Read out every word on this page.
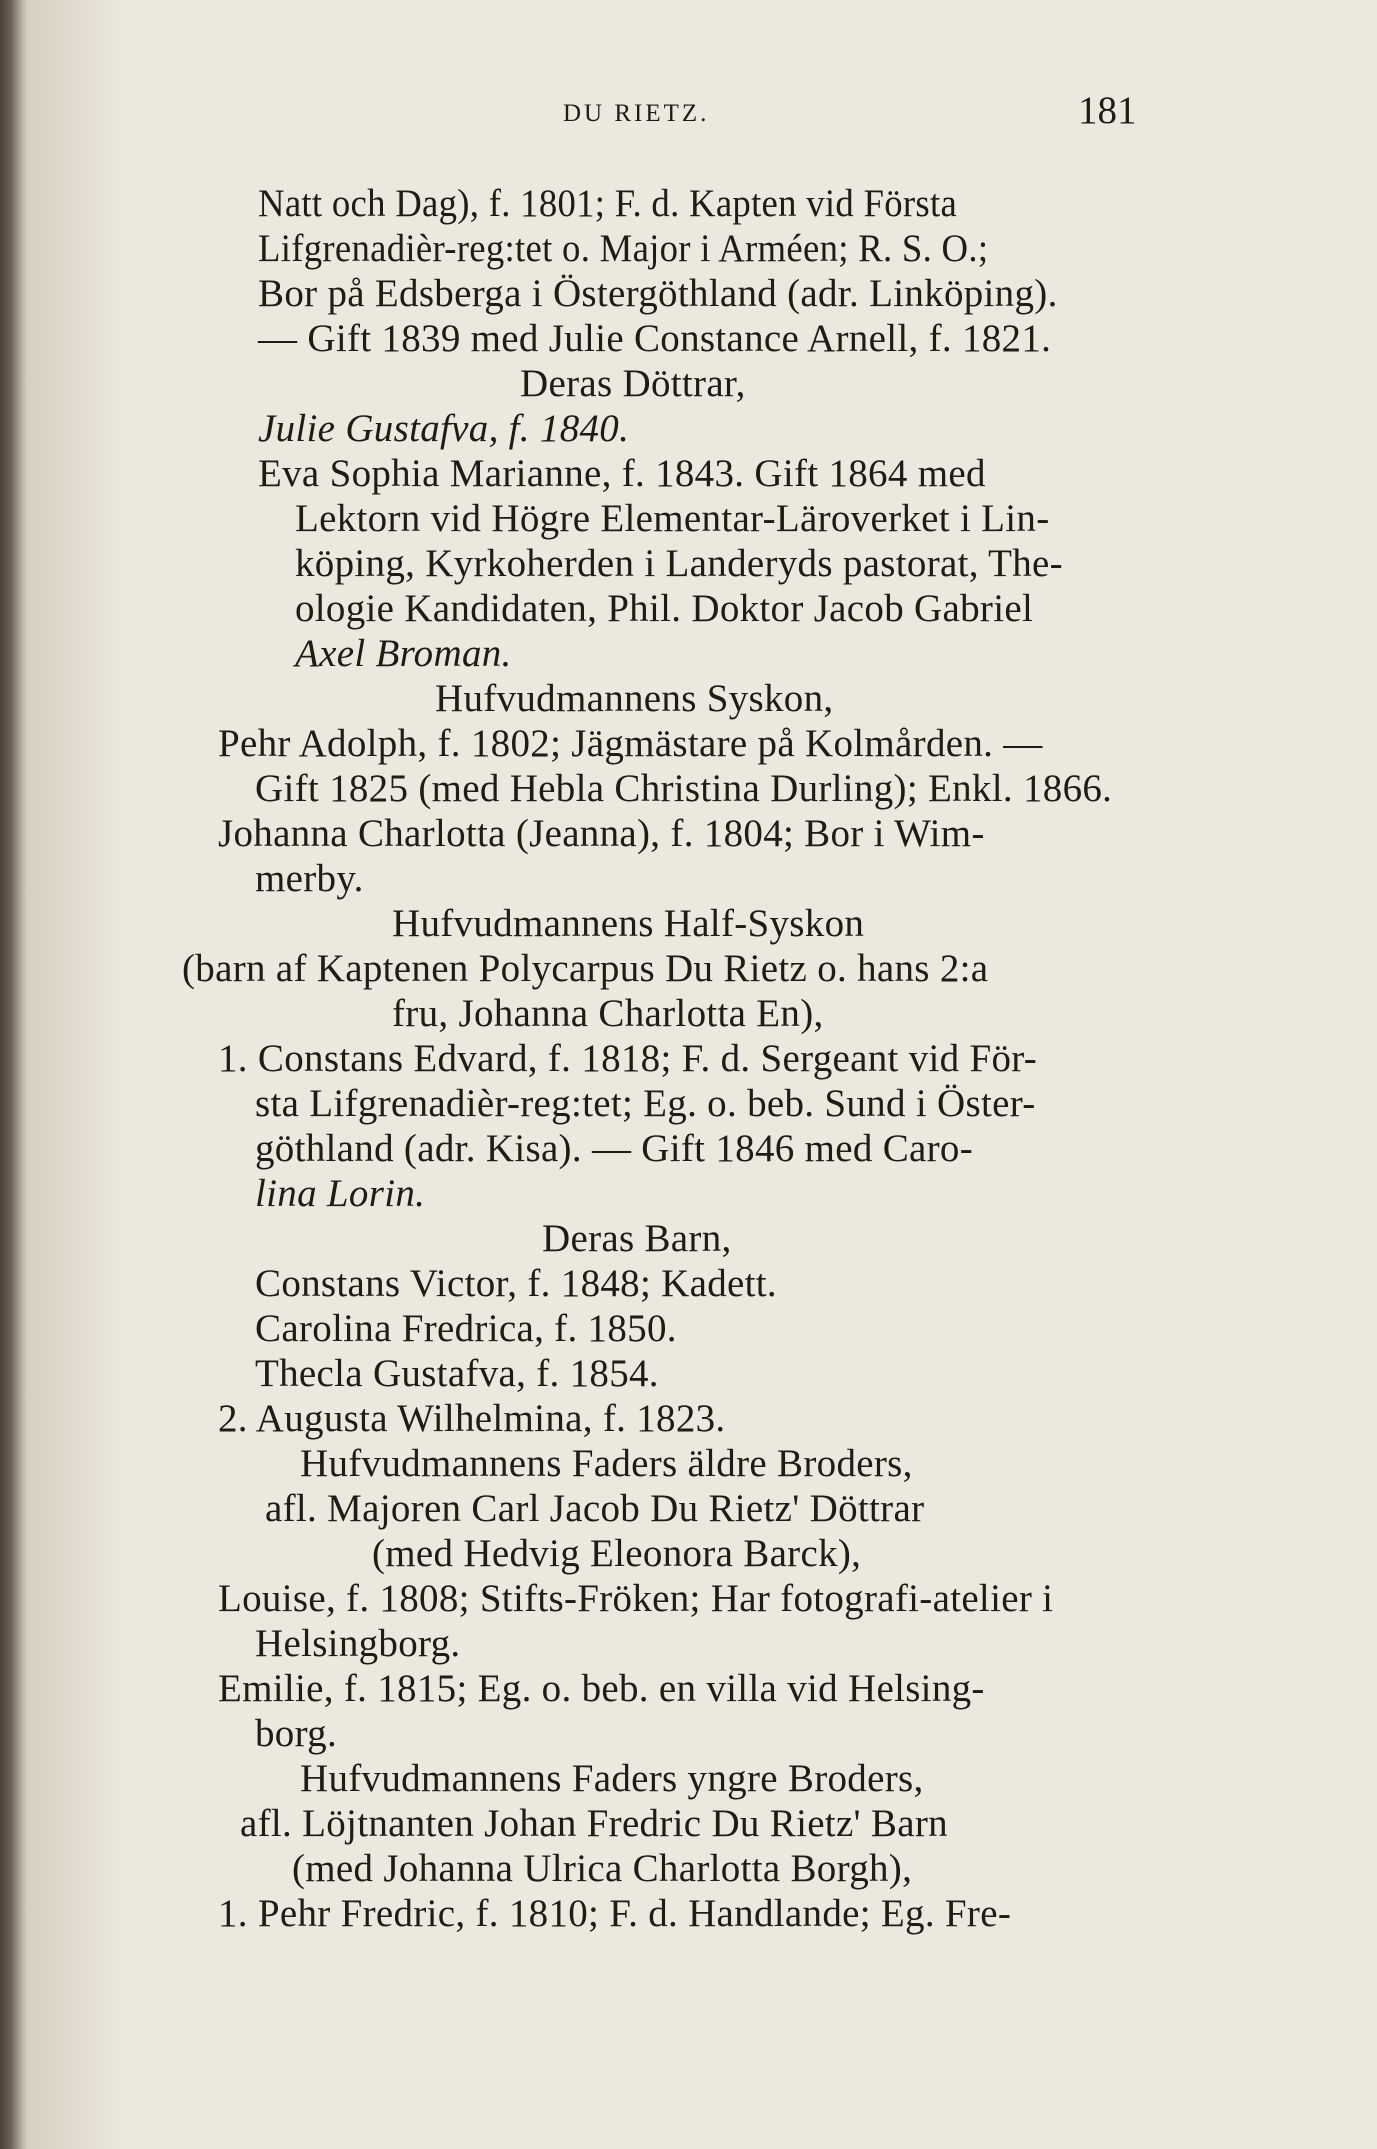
DU RIETZ.	181
Natt och Dag), f. 1801; F. d. Kapten vid Första
Lifgrenadièr-reg:tet o. Major i Arméen; R. S. O.;
Bor på Edsberga i Östergöthland (adr. Linköping).
— Gift 1839 med Julie Constance Arnell, f. 1821.
Deras Döttrar,
Julie Gustafva, f. 1840.
Eva Sophia Marianne, f. 1843. Gift 1864 med
Lektorn vid Högre Elementar-Läroverket i Lin-
köping, Kyrkoherden i Landeryds pastorat, The-
ologie Kandidaten, Phil. Doktor Jacob Gabriel
Axel Broman.
Hufvudmannens Syskon,
Pehr Adolph, f. 1802; Jägmästare på Kolmården. —
Gift 1825 (med Hebla Christina Durling); Enkl. 1866.
Johanna Charlotta (Jeanna), f. 1804; Bor i Wim-
merby.
Hufvudmannens Half-Syskon
(barn af Kaptenen Polycarpus Du Rietz o. hans 2:a
fru, Johanna Charlotta En),
1. Constans Edvard, f. 1818; F. d. Sergeant vid För-
sta Lifgrenadièr-reg:tet; Eg. o. beb. Sund i Öster-
göthland (adr. Kisa). — Gift 1846 med Caro-
lina Lorin.
Deras Barn,
Constans Victor, f. 1848; Kadett.
Carolina Fredrica, f. 1850.
Thecla Gustafva, f. 1854.
2. Augusta Wilhelmina, f. 1823.
Hufvudmannens Faders äldre Broders,
afl. Majoren Carl Jacob Du Rietz' Döttrar
(med Hedvig Eleonora Barck),
Louise, f. 1808; Stifts-Fröken; Har fotografi-atelier i
Helsingborg.
Emilie, f. 1815; Eg. o. beb. en villa vid Helsing-
borg.
Hufvudmannens Faders yngre Broders,
afl. Löjtnanten Johan Fredric Du Rietz' Barn
(med Johanna Ulrica Charlotta Borgh),
1. Pehr Fredric, f. 1810; F. d. Handlande; Eg. Fre-
